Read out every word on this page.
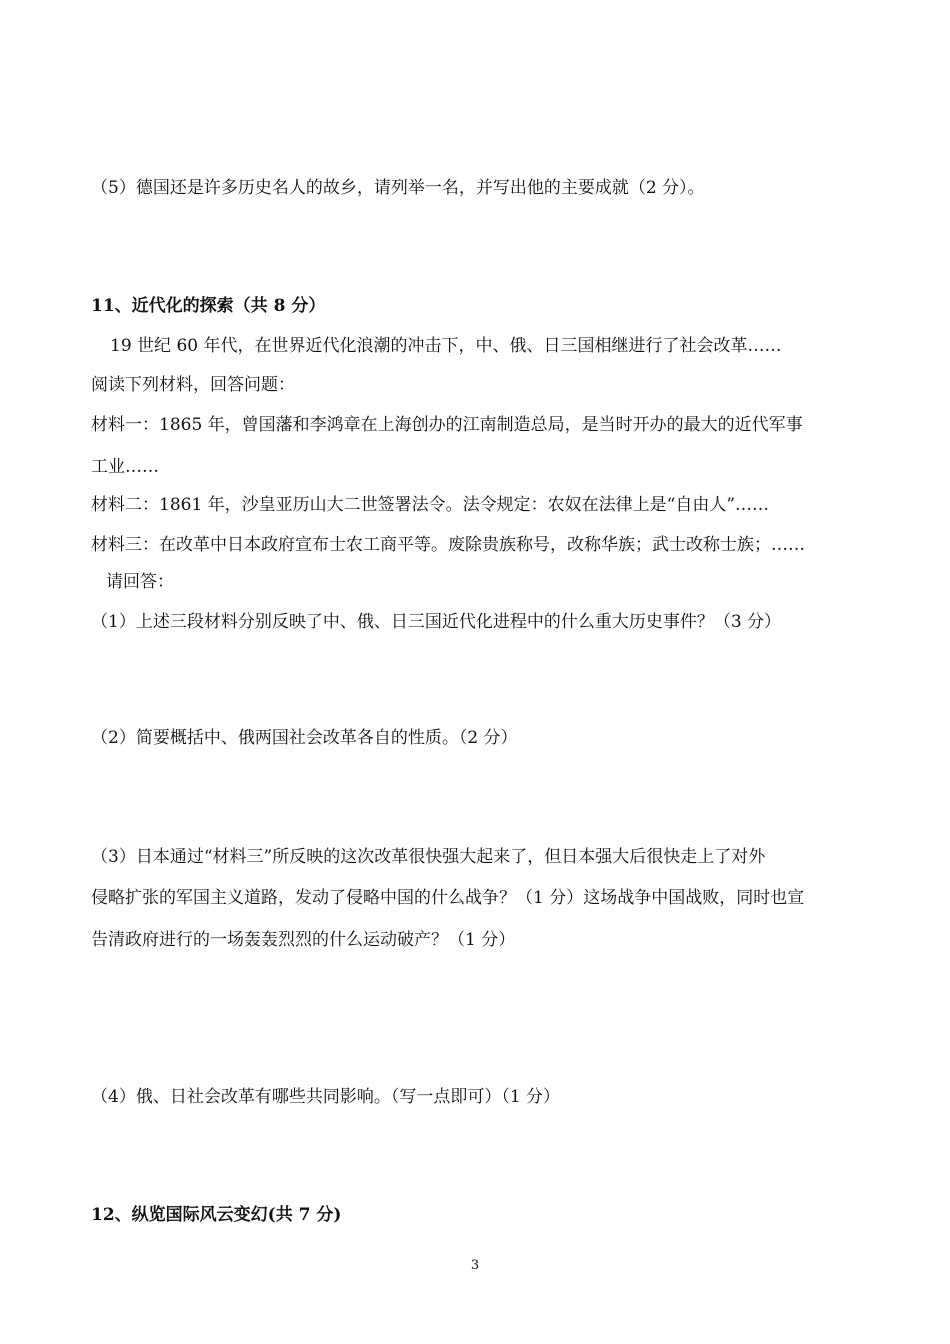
（5）德国还是许多历史名人的故乡，请列举一名，并写出他的主要成就（2 分）。
11、近代化的探索（共 8 分）
19 世纪 60 年代，在世界近代化浪潮的冲击下，中、俄、日三国相继进行了社会改革……
阅读下列材料，回答问题：
材料一：1865 年，曾国藩和李鸿章在上海创办的江南制造总局，是当时开办的最大的近代军事
工业……
材料二：1861 年，沙皇亚历山大二世签署法令。法令规定：农奴在法律上是“自由人”……
材料三：在改革中日本政府宣布士农工商平等。废除贵族称号，改称华族；武士改称士族；……
请回答：
（1）上述三段材料分别反映了中、俄、日三国近代化进程中的什么重大历史事件？（3 分）
（2）简要概括中、俄两国社会改革各自的性质。（2 分）
（3）日本通过“材料三”所反映的这次改革很快强大起来了，但日本强大后很快走上了对外
侵略扩张的军国主义道路，发动了侵略中国的什么战争？（1 分）这场战争中国战败，同时也宣
告清政府进行的一场轰轰烈烈的什么运动破产？（1 分）
（4）俄、日社会改革有哪些共同影响。（写一点即可）（1 分）
12、纵览国际风云变幻(共 7 分)
3
